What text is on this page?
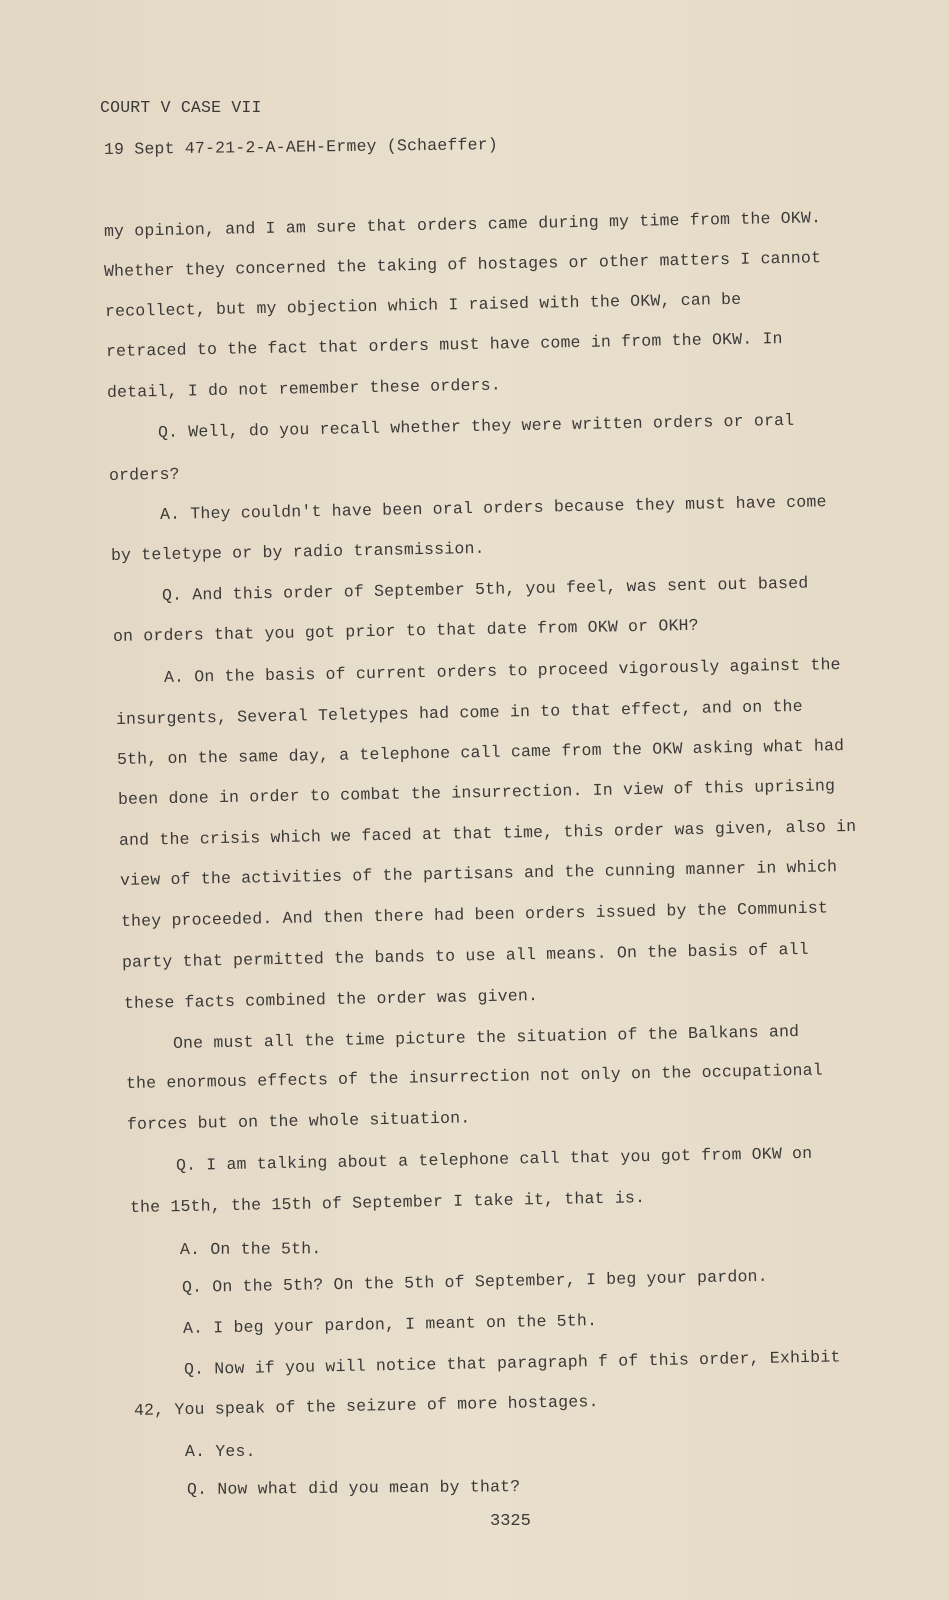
COURT V CASE VII
19 Sept 47-21-2-A-AEH-Ermey (Schaeffer)
my opinion, and I am sure that orders came during my time from the OKW.
Whether they concerned the taking of hostages or other matters I cannot
recollect, but my objection which I raised with the OKW, can be
retraced to the fact that orders must have come in from the OKW. In
detail, I do not remember these orders.
Q. Well, do you recall whether they were written orders or oral
orders?
A. They couldn't have been oral orders because they must have come
by teletype or by radio transmission.
Q. And this order of September 5th, you feel, was sent out based
on orders that you got prior to that date from OKW or OKH?
A. On the basis of current orders to proceed vigorously against the
insurgents, Several Teletypes had come in to that effect, and on the
5th, on the same day, a telephone call came from the OKW asking what had
been done in order to combat the insurrection. In view of this uprising
and the crisis which we faced at that time, this order was given, also in
view of the activities of the partisans and the cunning manner in which
they proceeded. And then there had been orders issued by the Communist
party that permitted the bands to use all means. On the basis of all
these facts combined the order was given.
One must all the time picture the situation of the Balkans and
the enormous effects of the insurrection not only on the occupational
forces but on the whole situation.
Q. I am talking about a telephone call that you got from OKW on
the 15th, the 15th of September I take it, that is.
A. On the 5th.
Q. On the 5th? On the 5th of September, I beg your pardon.
A. I beg your pardon, I meant on the 5th.
Q. Now if you will notice that paragraph f of this order, Exhibit
42, You speak of the seizure of more hostages.
A. Yes.
Q. Now what did you mean by that?
3325
